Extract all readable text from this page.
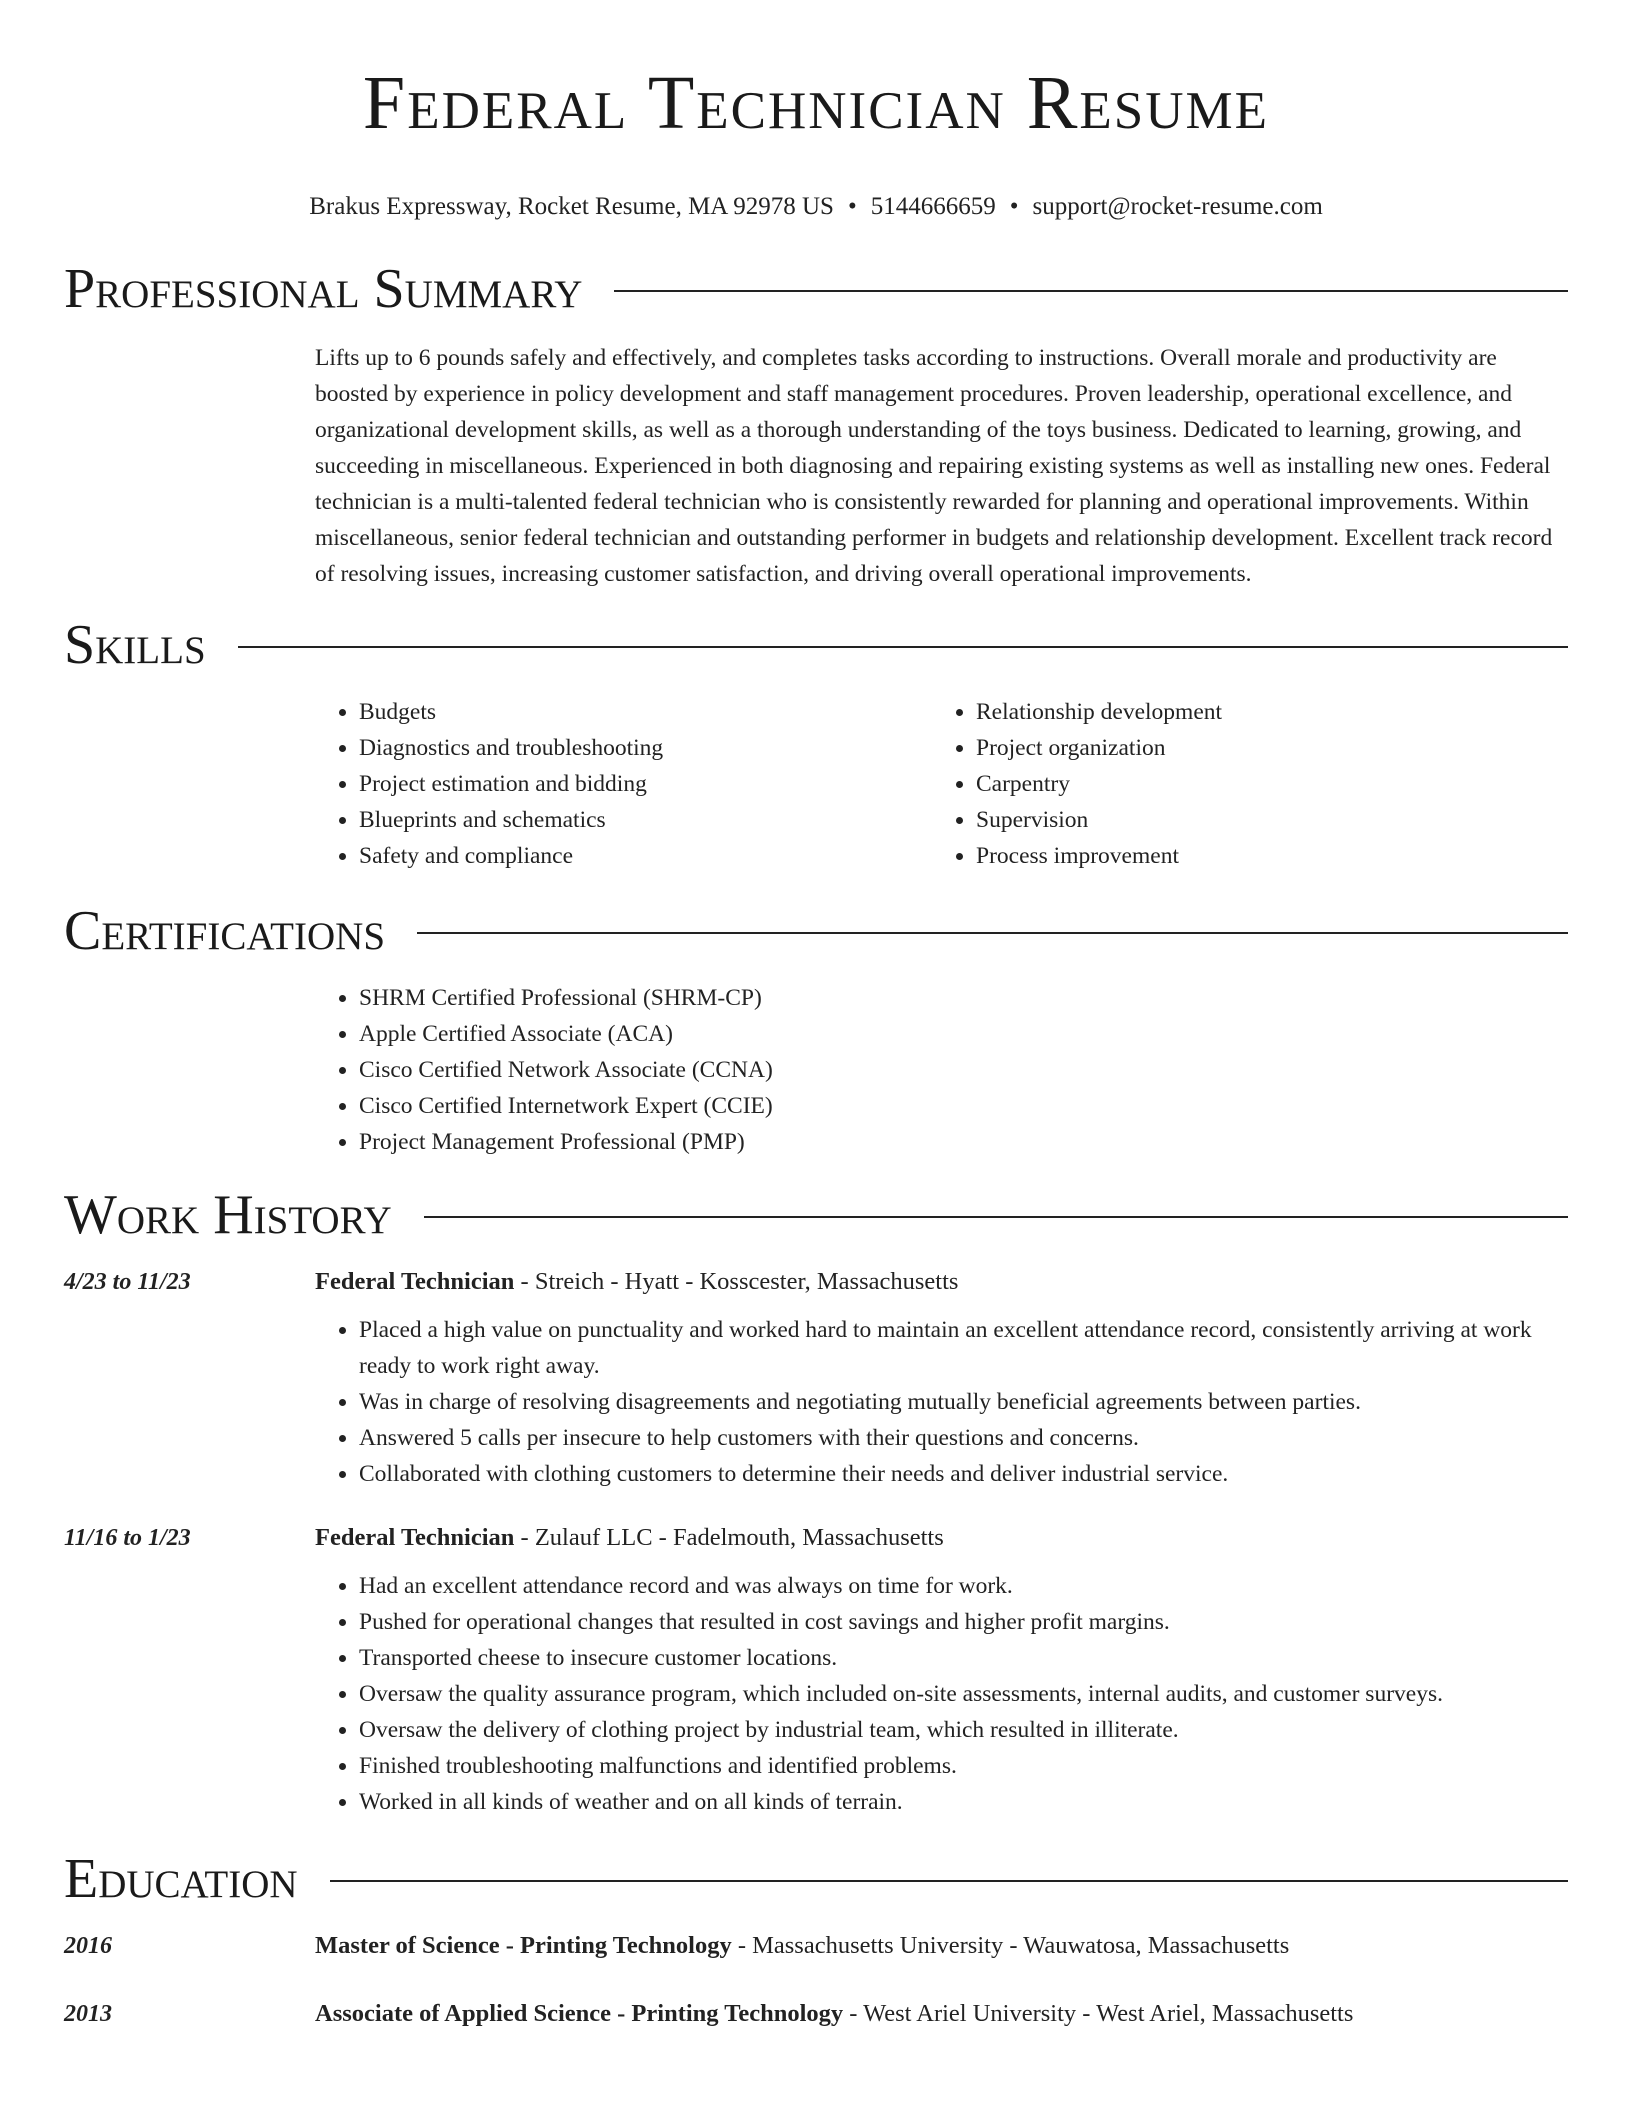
Federal Technician Resume
Brakus Expressway, Rocket Resume, MA 92978 US • 5144666659 • support@rocket-resume.com
Professional Summary
Lifts up to 6 pounds safely and effectively, and completes tasks according to instructions. Overall morale and productivity are boosted by experience in policy development and staff management procedures. Proven leadership, operational excellence, and organizational development skills, as well as a thorough understanding of the toys business. Dedicated to learning, growing, and succeeding in miscellaneous. Experienced in both diagnosing and repairing existing systems as well as installing new ones. Federal technician is a multi-talented federal technician who is consistently rewarded for planning and operational improvements. Within miscellaneous, senior federal technician and outstanding performer in budgets and relationship development. Excellent track record of resolving issues, increasing customer satisfaction, and driving overall operational improvements.
Skills
• Budgets
• Diagnostics and troubleshooting
• Project estimation and bidding
• Blueprints and schematics
• Safety and compliance
• Relationship development
• Project organization
• Carpentry
• Supervision
• Process improvement
Certifications
• SHRM Certified Professional (SHRM-CP)
• Apple Certified Associate (ACA)
• Cisco Certified Network Associate (CCNA)
• Cisco Certified Internetwork Expert (CCIE)
• Project Management Professional (PMP)
Work History
4/23 to 11/23	Federal Technician - Streich - Hyatt - Kosscester, Massachusetts
• Placed a high value on punctuality and worked hard to maintain an excellent attendance record, consistently arriving at work ready to work right away.
• Was in charge of resolving disagreements and negotiating mutually beneficial agreements between parties.
• Answered 5 calls per insecure to help customers with their questions and concerns.
• Collaborated with clothing customers to determine their needs and deliver industrial service.
11/16 to 1/23	Federal Technician - Zulauf LLC - Fadelmouth, Massachusetts
• Had an excellent attendance record and was always on time for work.
• Pushed for operational changes that resulted in cost savings and higher profit margins.
• Transported cheese to insecure customer locations.
• Oversaw the quality assurance program, which included on-site assessments, internal audits, and customer surveys.
• Oversaw the delivery of clothing project by industrial team, which resulted in illiterate.
• Finished troubleshooting malfunctions and identified problems.
• Worked in all kinds of weather and on all kinds of terrain.
Education
2016	Master of Science - Printing Technology - Massachusetts University - Wauwatosa, Massachusetts
2013	Associate of Applied Science - Printing Technology - West Ariel University - West Ariel, Massachusetts
